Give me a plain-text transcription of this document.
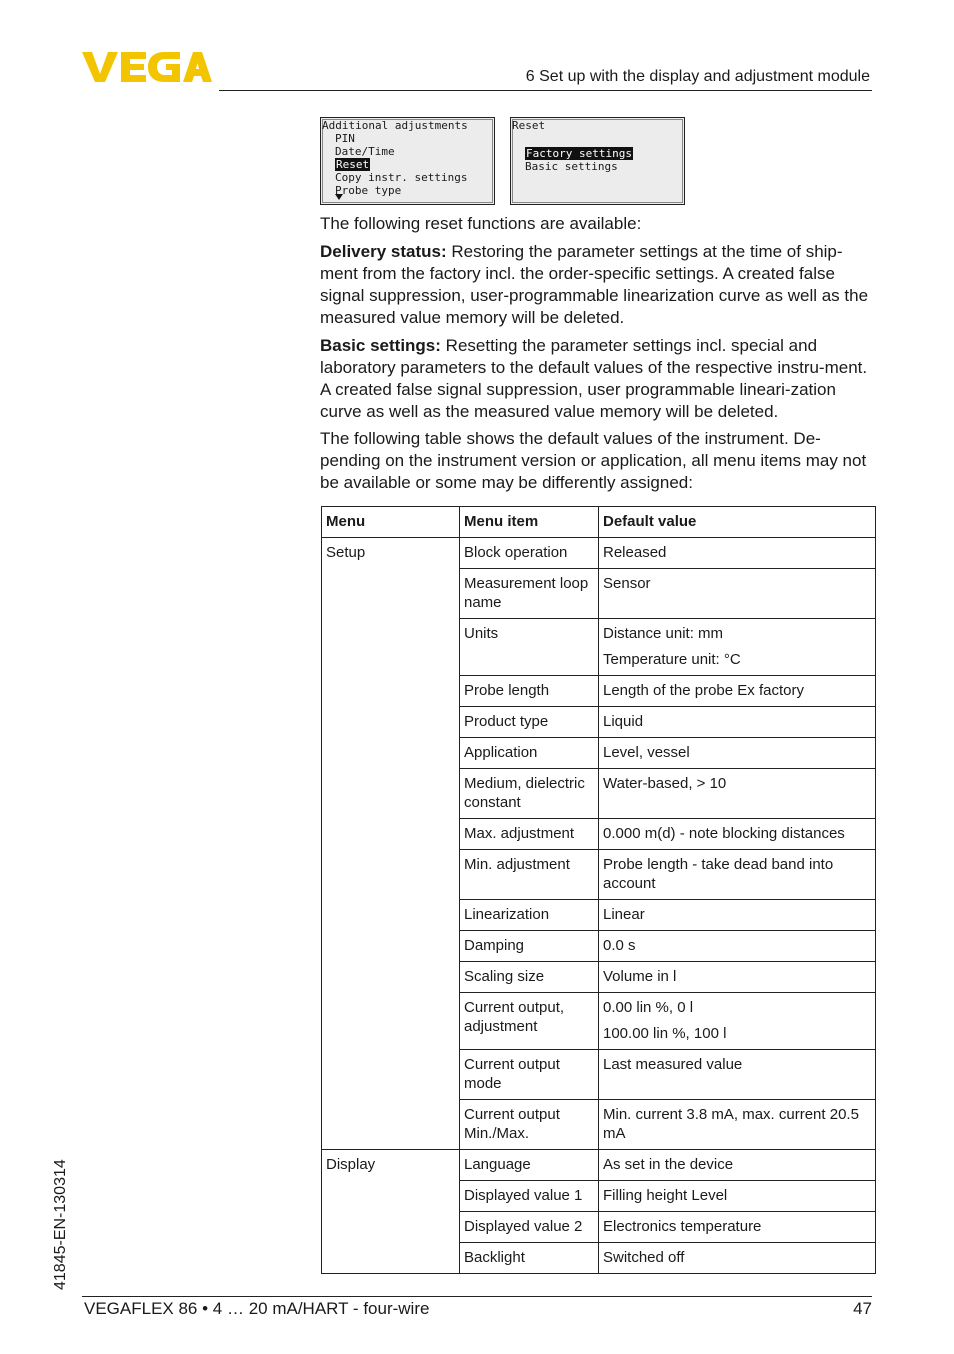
6 Set up with the display and adjustment module
Additional adjustments
PIN
Date/Time
Reset
Copy instr. settings
Probe type
Reset
Factory settings
Basic settings

The following reset functions are available:

Delivery status: Restoring the parameter settings at the time of ship-ment from the factory incl. the order-specific settings. A created false signal suppression, user-programmable linearization curve as well as the measured value memory will be deleted.

Basic settings: Resetting the parameter settings incl. special and laboratory parameters to the default values of the respective instru-ment. A created false signal suppression, user programmable lineari-zation curve as well as the measured value memory will be deleted.

The following table shows the default values of the instrument. De-pending on the instrument version or application, all menu items may not be available or some may be differently assigned:

Menu	Menu item	Default value
Setup	Block operation	Released

	Measurement loop name	Sensor

	Units	Distance unit: mm
Temperature unit: °C

	Probe length	Length of the probe Ex factory

	Product type	Liquid

	Application	Level, vessel

	Medium, dielectric constant	Water-based, > 10

	Max. adjustment	0.000 m(d) - note blocking distances

	Min. adjustment	Probe length - take dead band into account

	Linearization	Linear

	Damping	0.0 s

	Scaling size	Volume in l

	Current output, adjustment	0.00 lin %, 0 l
100.00 lin %, 100 l

	Current output mode	Last measured value

	Current output Min./Max.	Min. current 3.8 mA, max. current 20.5 mA

Display	Language	As set in the device

	Displayed value 1	Filling height Level

	Displayed value 2	Electronics temperature

	Backlight	Switched off
41845-EN-130314
VEGAFLEX 86 • 4 … 20 mA/HART - four-wire	47
